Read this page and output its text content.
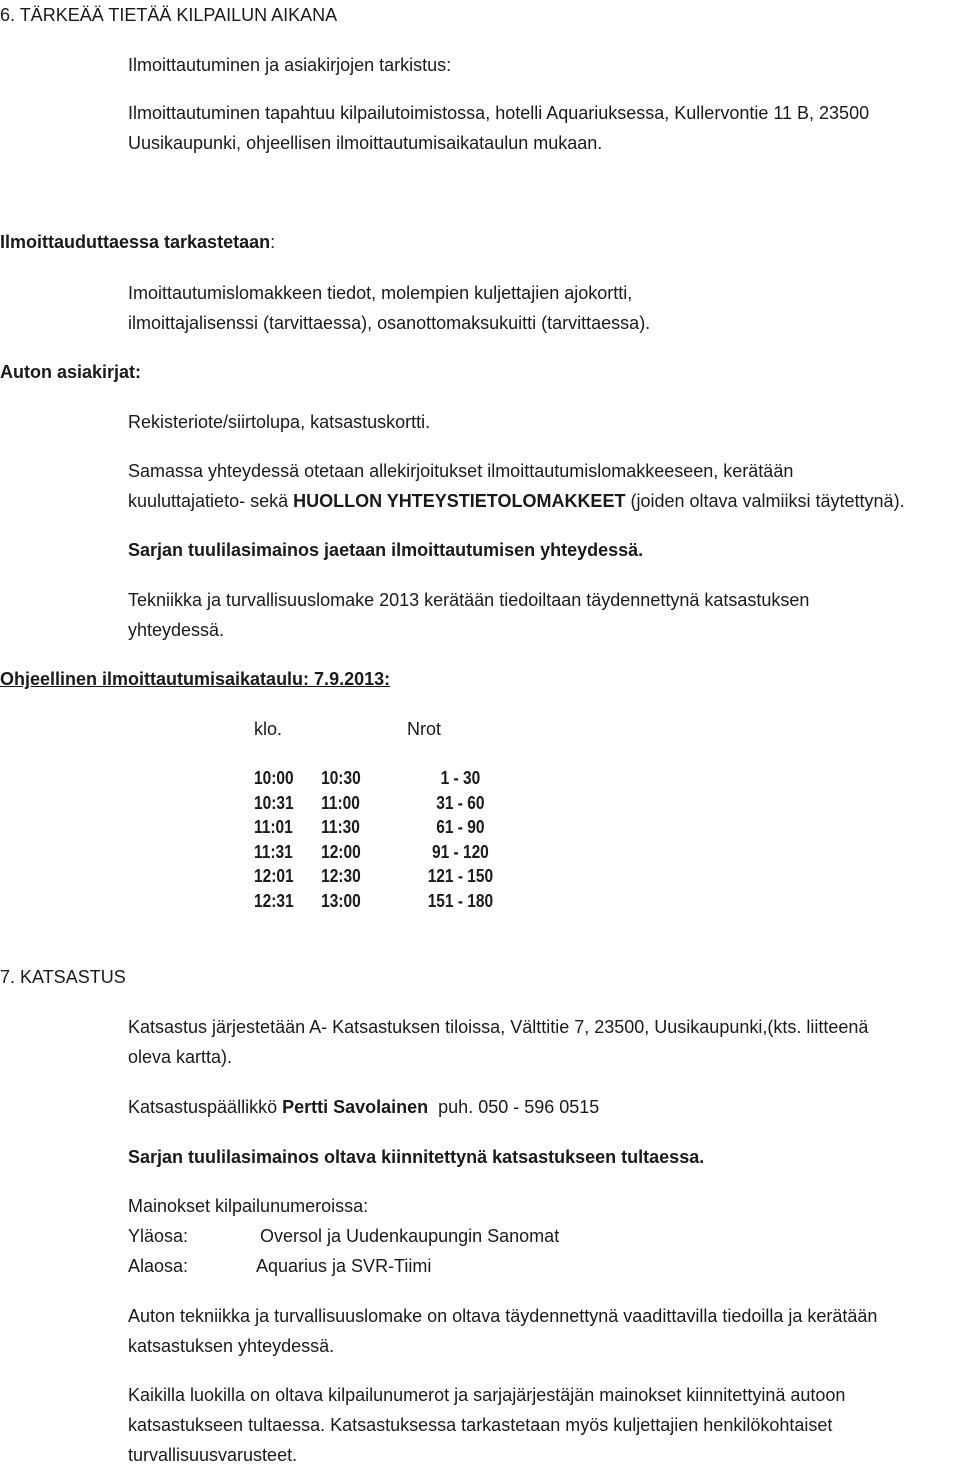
6. TÄRKEÄÄ TIETÄÄ KILPAILUN AIKANA
Ilmoittautuminen ja asiakirjojen tarkistus:
Ilmoittautuminen tapahtuu kilpailutoimistossa, hotelli Aquariuksessa, Kullervontie 11 B, 23500
Uusikaupunki, ohjeellisen ilmoittautumisaikataulun mukaan.
Ilmoittauduttaessa tarkastetaan:
Imoittautumislomakkeen tiedot, molempien kuljettajien ajokortti,
ilmoittajalisenssi (tarvittaessa), osanottomaksukuitti (tarvittaessa).
Auton asiakirjat:
Rekisteriote/siirtolupa, katsastuskortti.
Samassa yhteydessä otetaan allekirjoitukset ilmoittautumislomakkeeseen, kerätään
kuuluttajatieto- sekä HUOLLON YHTEYSTIETOLOMAKKEET (joiden oltava valmiiksi täytettynä).
Sarjan tuulilasimainos jaetaan ilmoittautumisen yhteydessä.
Tekniikka ja turvallisuuslomake 2013 kerätään tiedoiltaan täydennettynä katsastuksen
yhteydessä.
Ohjeellinen ilmoittautumisaikataulu: 7.9.2013:
klo.	Nrot
10:00 10:30	1 - 30
10:31 11:00	31 - 60
11:01 11:30	61 - 90
11:31 12:00	91 - 120
12:01 12:30	121 - 150
12:31 13:00	151 - 180
7. KATSASTUS
Katsastus järjestetään A- Katsastuksen tiloissa, Välttitie 7, 23500, Uusikaupunki,(kts. liitteenä
oleva kartta).
Katsastuspäällikkö Pertti Savolainen  puh. 050 - 596 0515
Sarjan tuulilasimainos oltava kiinnitettynä katsastukseen tultaessa.
Mainokset kilpailunumeroissa:
Yläosa:	Oversol ja Uudenkaupungin Sanomat
Alaosa:	Aquarius ja SVR-Tiimi
Auton tekniikka ja turvallisuuslomake on oltava täydennettynä vaadittavilla tiedoilla ja kerätään
katsastuksen yhteydessä.
Kaikilla luokilla on oltava kilpailunumerot ja sarjajärjestäjän mainokset kiinnitettyinä autoon
katsastukseen tultaessa. Katsastuksessa tarkastetaan myös kuljettajien henkilökohtaiset
turvallisuusvarusteet.
